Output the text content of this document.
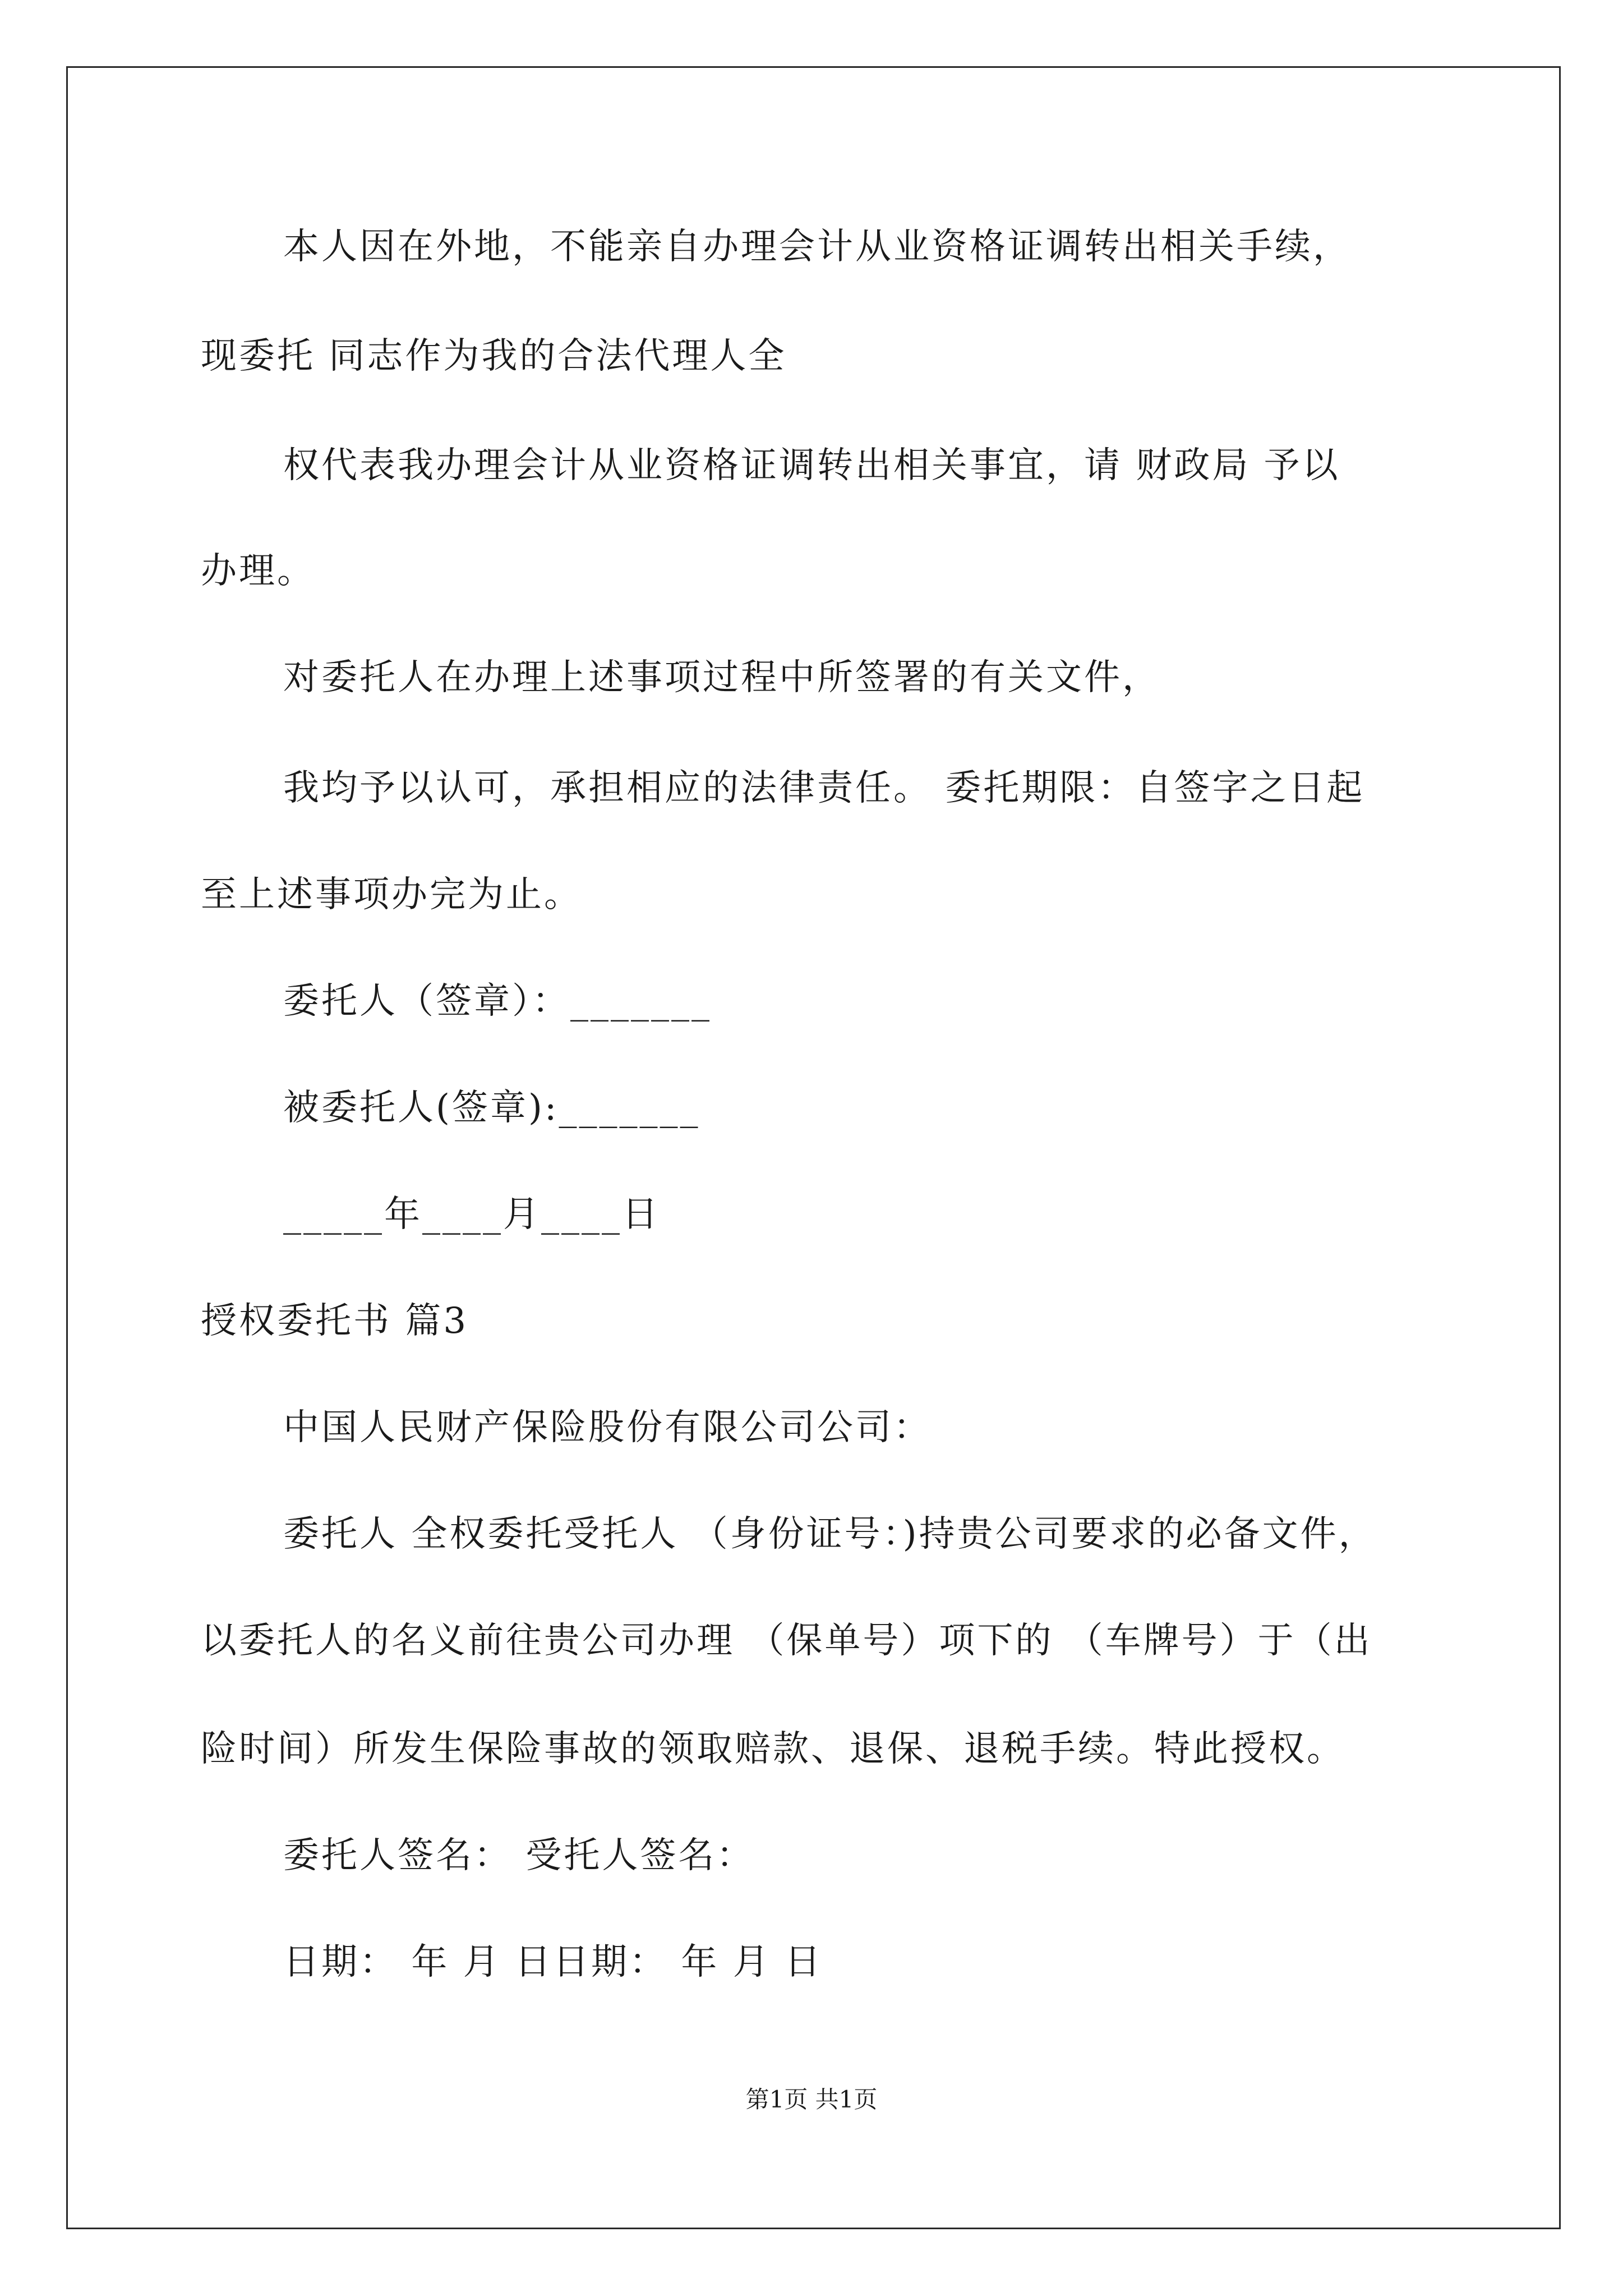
本人因在外地，不能亲自办理会计从业资格证调转出相关手续，
现委托 同志作为我的合法代理人全
权代表我办理会计从业资格证调转出相关事宜，请 财政局 予以
办理。
对委托人在办理上述事项过程中所签署的有关文件，
我均予以认可，承担相应的法律责任。 委托期限：自签字之日起
至上述事项办完为止。
委托人（签章）：_______
被委托人(签章):_______
_____年____月____日
授权委托书 篇3
中国人民财产保险股份有限公司公司：
委托人 全权委托受托人 （身份证号：)持贵公司要求的必备文件，
以委托人的名义前往贵公司办理 （保单号）项下的 （车牌号）于（出
险时间）所发生保险事故的领取赔款、退保、退税手续。特此授权。
委托人签名： 受托人签名：
日期： 年 月 日日期： 年 月 日
第1页 共1页
